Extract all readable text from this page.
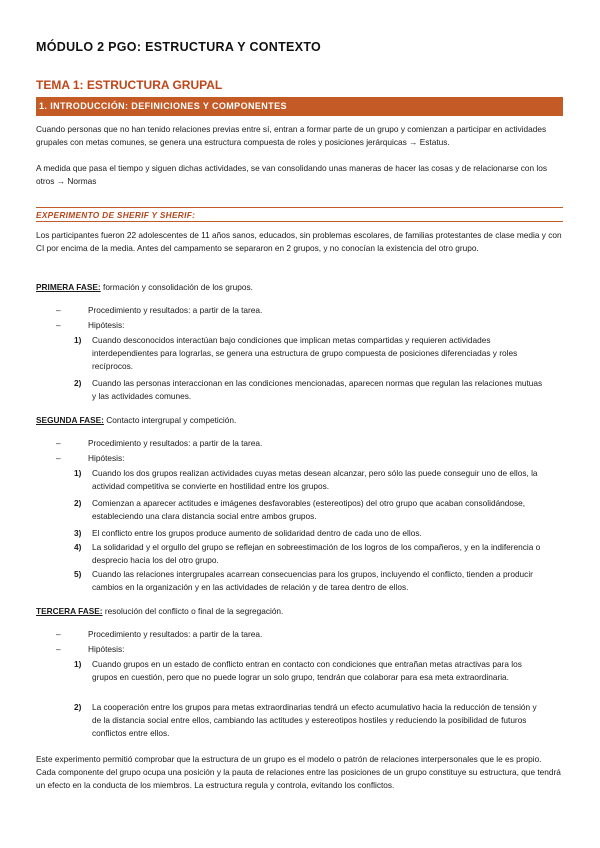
MÓDULO 2 PGO: ESTRUCTURA Y CONTEXTO
TEMA 1: ESTRUCTURA GRUPAL
1. INTRODUCCIÓN: DEFINICIONES Y COMPONENTES

Cuando personas que no han tenido relaciones previas entre sí, entran a formar parte de un grupo y comienzan a participar en actividades grupales con metas comunes, se genera una estructura compuesta de roles y posiciones jerárquicas → Estatus.

A medida que pasa el tiempo y siguen dichas actividades, se van consolidando unas maneras de hacer las cosas y de relacionarse con los otros → Normas

EXPERIMENTO DE SHERIF Y SHERIF:

Los participantes fueron 22 adolescentes de 11 años sanos, educados, sin problemas escolares, de familias protestantes de clase media y con CI por encima de la media. Antes del campamento se separaron en 2 grupos, y no conocían la existencia del otro grupo.

PRIMERA FASE: formación y consolidación de los grupos.
–	Procedimiento y resultados: a partir de la tarea.
–	Hipótesis:
1) Cuando desconocidos interactúan bajo condiciones que implican metas compartidas y requieren actividades interdependientes para lograrlas, se genera una estructura de grupo compuesta de posiciones diferenciadas y roles recíprocos.
2) Cuando las personas interaccionan en las condiciones mencionadas, aparecen normas que regulan las relaciones mutuas y las actividades comunes.
SEGUNDA FASE: Contacto intergrupal y competición.
–	Procedimiento y resultados: a partir de la tarea.
–	Hipótesis:
1) Cuando los dos grupos realizan actividades cuyas metas desean alcanzar, pero sólo las puede conseguir uno de ellos, la actividad competitiva se convierte en hostilidad entre los grupos.
2) Comienzan a aparecer actitudes e imágenes desfavorables (estereotipos) del otro grupo que acaban consolidándose, estableciendo una clara distancia social entre ambos grupos.
3) El conflicto entre los grupos produce aumento de solidaridad dentro de cada uno de ellos.
4) La solidaridad y el orgullo del grupo se reflejan en sobreestimación de los logros de los compañeros, y en la indiferencia o desprecio hacia los del otro grupo.
5) Cuando las relaciones intergrupales acarrean consecuencias para los grupos, incluyendo el conflicto, tienden a producir cambios en la organización y en las actividades de relación y de tarea dentro de ellos.
TERCERA FASE: resolución del conflicto o final de la segregación.
–	Procedimiento y resultados: a partir de la tarea.
–	Hipótesis:
1) Cuando grupos en un estado de conflicto entran en contacto con condiciones que entrañan metas atractivas para los grupos en cuestión, pero que no puede lograr un solo grupo, tendrán que colaborar para esa meta extraordinaria.
2) La cooperación entre los grupos para metas extraordinarias tendrá un efecto acumulativo hacia la reducción de tensión y de la distancia social entre ellos, cambiando las actitudes y estereotipos hostiles y reduciendo la posibilidad de futuros conflictos entre ellos.

Este experimento permitió comprobar que la estructura de un grupo es el modelo o patrón de relaciones interpersonales que le es propio. Cada componente del grupo ocupa una posición y la pauta de relaciones entre las posiciones de un grupo constituye su estructura, que tendrá un efecto en la conducta de los miembros. La estructura regula y controla, evitando los conflictos.
